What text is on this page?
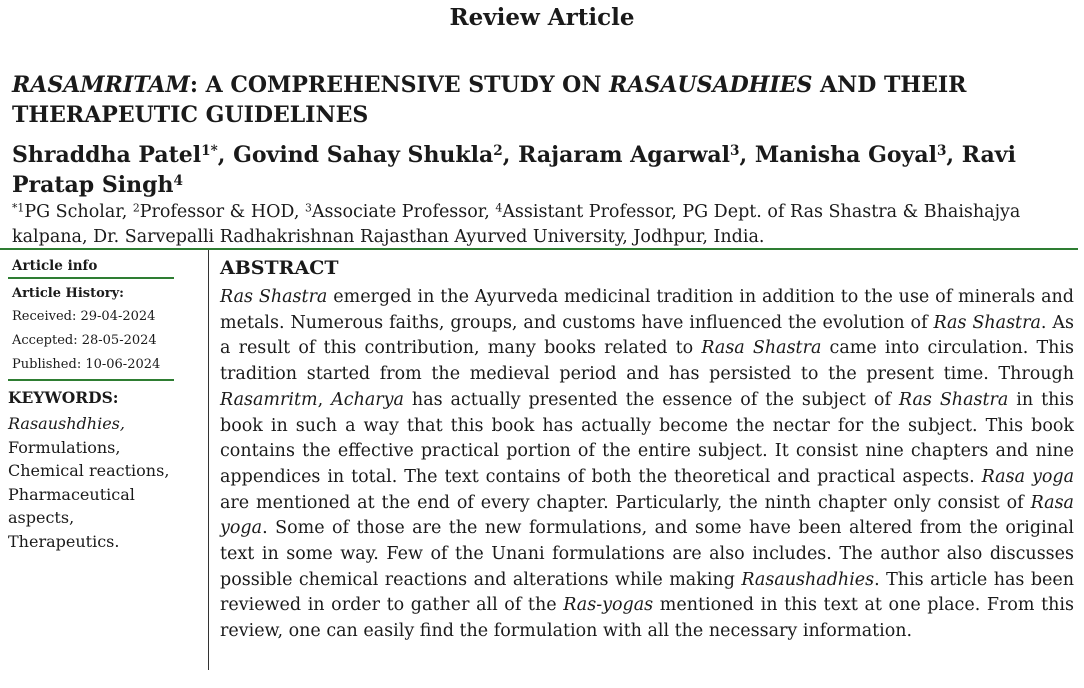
Review Article
RASAMRITAM: A COMPREHENSIVE STUDY ON RASAUSADHIES AND THEIR THERAPEUTIC GUIDELINES

Shraddha Patel$^{1*}$, Govind Sahay Shukla$^2$, Rajaram Agarwal$^3$, Manisha Goyal$^3$, Ravi Pratap Singh$^4$

$^{*1}$PG Scholar, $^2$Professor & HOD, $^3$Associate Professor, $^4$Assistant Professor, PG Dept. of Ras Shastra & Bhaishajya kalpana, Dr. Sarvepalli Radhakrishnan Rajasthan Ayurved University, Jodhpur, India.

Article info
Article History:
Received: 29-04-2024
Accepted: 28-05-2024
Published: 10-06-2024
KEYWORDS:
Rasaushdhies,
Formulations,
Chemical reactions,
Pharmaceutical aspects,
Therapeutics.
ABSTRACT

Ras Shastra emerged in the Ayurveda medicinal tradition in addition to the use of minerals and metals. Numerous faiths, groups, and customs have influenced the evolution of Ras Shastra. As a result of this contribution, many books related to Rasa Shastra came into circulation. This tradition started from the medieval period and has persisted to the present time. Through Rasamritm, Acharya has actually presented the essence of the subject of Ras Shastra in this book in such a way that this book has actually become the nectar for the subject. This book contains the effective practical portion of the entire subject. It consist nine chapters and nine appendices in total. The text contains of both the theoretical and practical aspects. Rasa yoga are mentioned at the end of every chapter. Particularly, the ninth chapter only consist of Rasa yoga. Some of those are the new formulations, and some have been altered from the original text in some way. Few of the Unani formulations are also includes. The author also discusses possible chemical reactions and alterations while making Rasaushadhies. This article has been reviewed in order to gather all of the Ras-yogas mentioned in this text at one place. From this review, one can easily find the formulation with all the necessary information.
